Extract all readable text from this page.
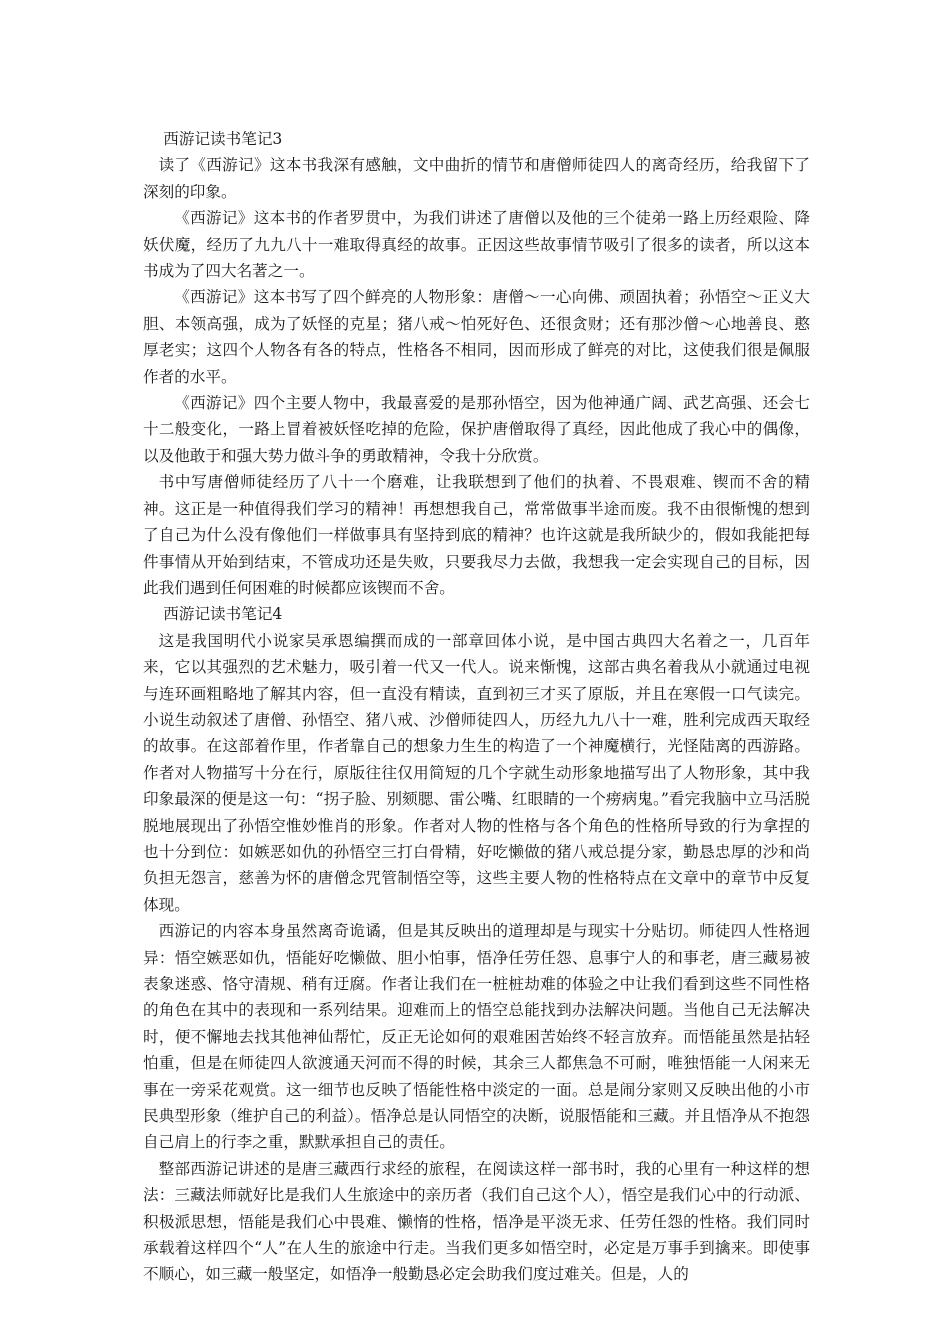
西游记读书笔记3

读了《西游记》这本书我深有感触，文中曲折的情节和唐僧师徒四人的离奇经历，给我留下了深刻的印象。

《西游记》这本书的作者罗贯中，为我们讲述了唐僧以及他的三个徒弟一路上历经艰险、降妖伏魔，经历了九九八十一难取得真经的故事。正因这些故事情节吸引了很多的读者，所以这本书成为了四大名著之一。

《西游记》这本书写了四个鲜亮的人物形象：唐僧～一心向佛、顽固执着；孙悟空～正义大胆、本领高强，成为了妖怪的克星；猪八戒～怕死好色、还很贪财；还有那沙僧～心地善良、憨厚老实；这四个人物各有各的特点，性格各不相同，因而形成了鲜亮的对比，这使我们很是佩服作者的水平。

《西游记》四个主要人物中，我最喜爱的是那孙悟空，因为他神通广阔、武艺高强、还会七十二般变化，一路上冒着被妖怪吃掉的危险，保护唐僧取得了真经，因此他成了我心中的偶像，以及他敢于和强大势力做斗争的勇敢精神，令我十分欣赏。

书中写唐僧师徒经历了八十一个磨难，让我联想到了他们的执着、不畏艰难、锲而不舍的精神。这正是一种值得我们学习的精神！再想想我自己，常常做事半途而废。我不由很惭愧的想到了自己为什么没有像他们一样做事具有坚持到底的精神？也许这就是我所缺少的，假如我能把每件事情从开始到结束，不管成功还是失败，只要我尽力去做，我想我一定会实现自己的目标，因此我们遇到任何困难的时候都应该锲而不舍。

西游记读书笔记4

这是我国明代小说家吴承恩编撰而成的一部章回体小说，是中国古典四大名着之一，几百年来，它以其强烈的艺术魅力，吸引着一代又一代人。说来惭愧，这部古典名着我从小就通过电视与连环画粗略地了解其内容，但一直没有精读，直到初三才买了原版，并且在寒假一口气读完。小说生动叙述了唐僧、孙悟空、猪八戒、沙僧师徒四人，历经九九八十一难，胜利完成西天取经的故事。在这部着作里，作者靠自己的想象力生生的构造了一个神魔横行，光怪陆离的西游路。作者对人物描写十分在行，原版往往仅用简短的几个字就生动形象地描写出了人物形象，其中我印象最深的便是这一句：“拐子脸、别颏腮、雷公嘴、红眼睛的一个痨病鬼。”看完我脑中立马活脱脱地展现出了孙悟空惟妙惟肖的形象。作者对人物的性格与各个角色的性格所导致的行为拿捏的也十分到位：如嫉恶如仇的孙悟空三打白骨精，好吃懒做的猪八戒总提分家，勤恳忠厚的沙和尚负担无怨言，慈善为怀的唐僧念咒管制悟空等，这些主要人物的性格特点在文章中的章节中反复体现。

西游记的内容本身虽然离奇诡谲，但是其反映出的道理却是与现实十分贴切。师徒四人性格迥异：悟空嫉恶如仇，悟能好吃懒做、胆小怕事，悟净任劳任怨、息事宁人的和事老，唐三藏易被表象迷惑、恪守清规、稍有迂腐。作者让我们在一桩桩劫难的体验之中让我们看到这些不同性格的角色在其中的表现和一系列结果。迎难而上的悟空总能找到办法解决问题。当他自己无法解决时，便不懈地去找其他神仙帮忙，反正无论如何的艰难困苦始终不轻言放弃。而悟能虽然是拈轻怕重，但是在师徒四人欲渡通天河而不得的时候，其余三人都焦急不可耐，唯独悟能一人闲来无事在一旁采花观赏。这一细节也反映了悟能性格中淡定的一面。总是闹分家则又反映出他的小市民典型形象（维护自己的利益）。悟净总是认同悟空的决断，说服悟能和三藏。并且悟净从不抱怨自己肩上的行李之重，默默承担自己的责任。

整部西游记讲述的是唐三藏西行求经的旅程，在阅读这样一部书时，我的心里有一种这样的想法：三藏法师就好比是我们人生旅途中的亲历者（我们自己这个人），悟空是我们心中的行动派、积极派思想，悟能是我们心中畏难、懒惰的性格，悟净是平淡无求、任劳任怨的性格。我们同时承载着这样四个“人”在人生的旅途中行走。当我们更多如悟空时，必定是万事手到擒来。即使事不顺心，如三藏一般坚定，如悟净一般勤恳必定会助我们度过难关。但是，人的
